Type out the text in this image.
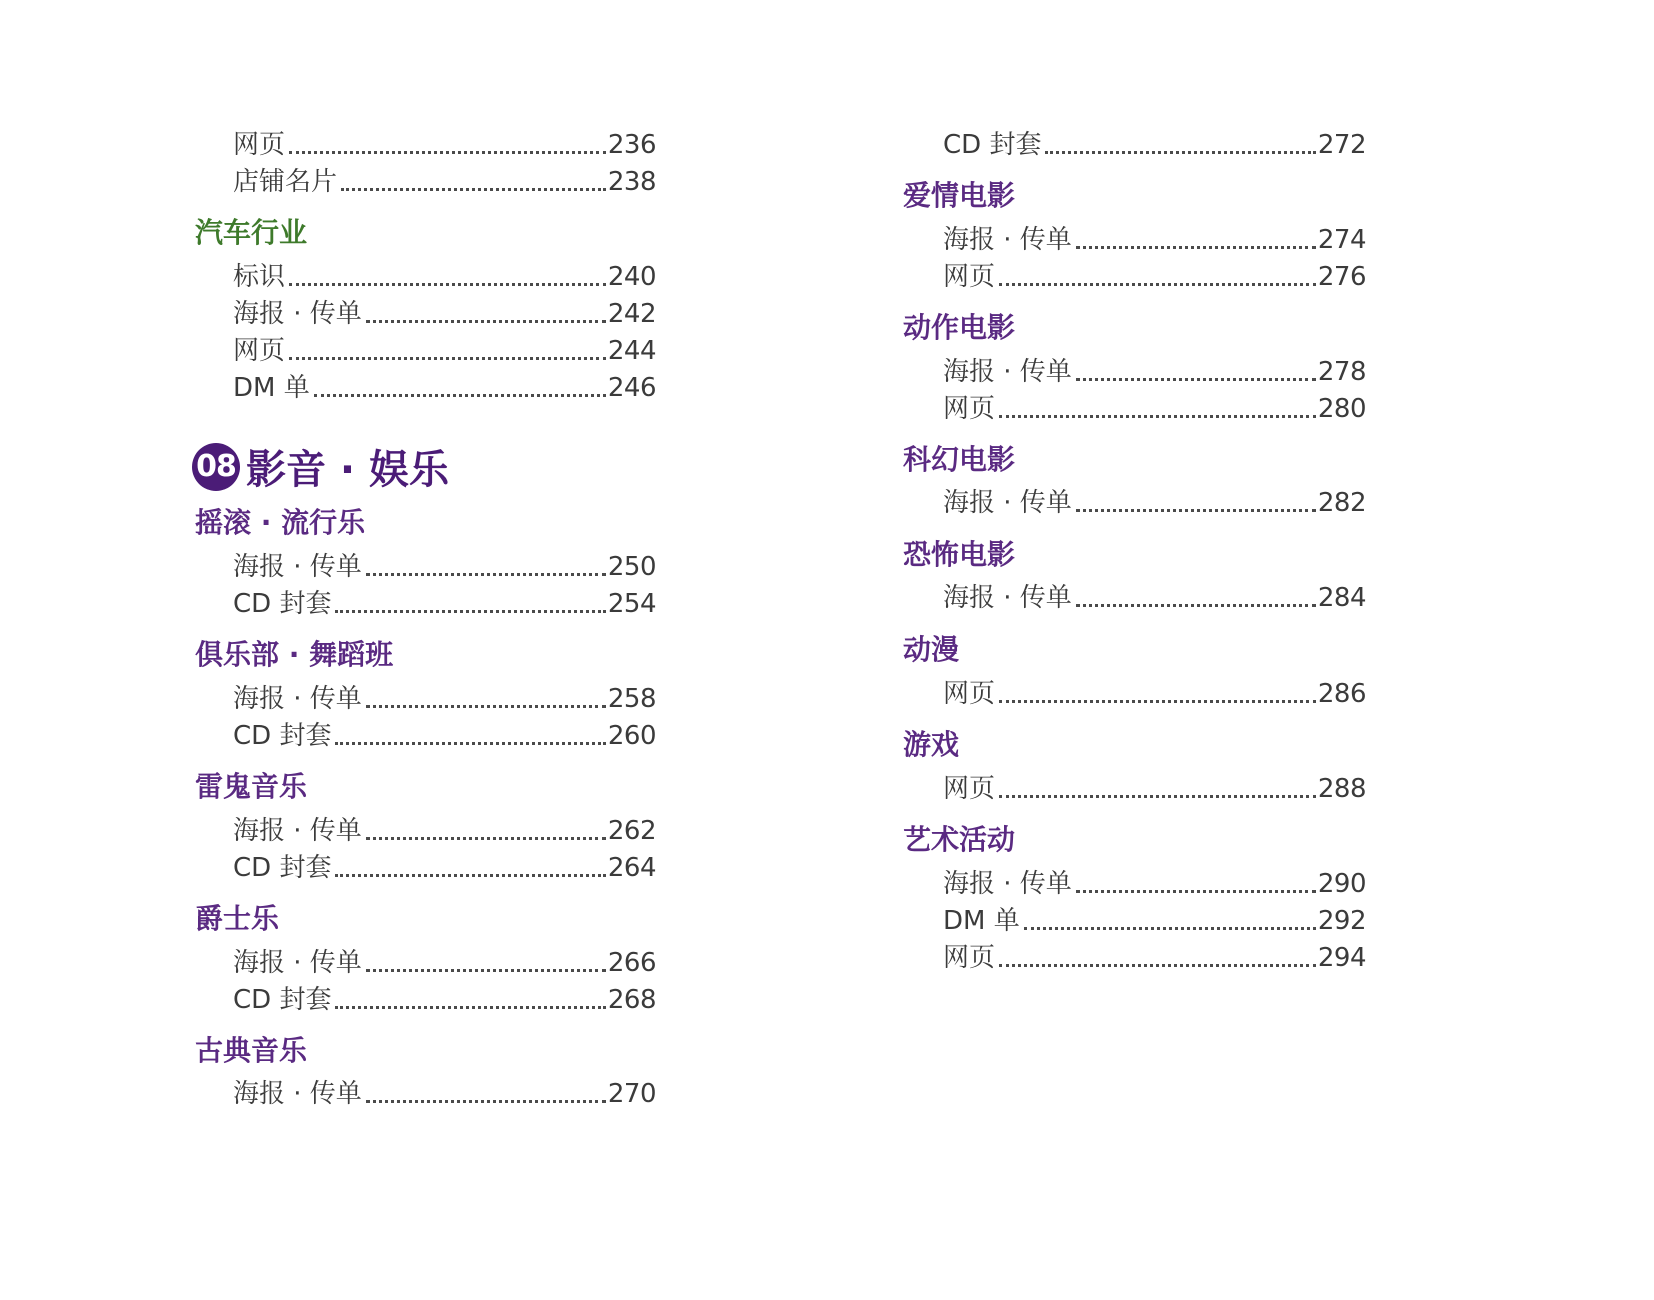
网页	236
店铺名片	238
汽车行业
标识	240
海报 · 传单	242
网页	244
DM 单	246
08 影音 · 娱乐
摇滚 · 流行乐
海报 · 传单	250
CD 封套	254
俱乐部 · 舞蹈班
海报 · 传单	258
CD 封套	260
雷鬼音乐
海报 · 传单	262
CD 封套	264
爵士乐
海报 · 传单	266
CD 封套	268
古典音乐
海报 · 传单	270
CD 封套	272
爱情电影
海报 · 传单	274
网页	276
动作电影
海报 · 传单	278
网页	280
科幻电影
海报 · 传单	282
恐怖电影
海报 · 传单	284
动漫
网页	286
游戏
网页	288
艺术活动
海报 · 传单	290
DM 单	292
网页	294
